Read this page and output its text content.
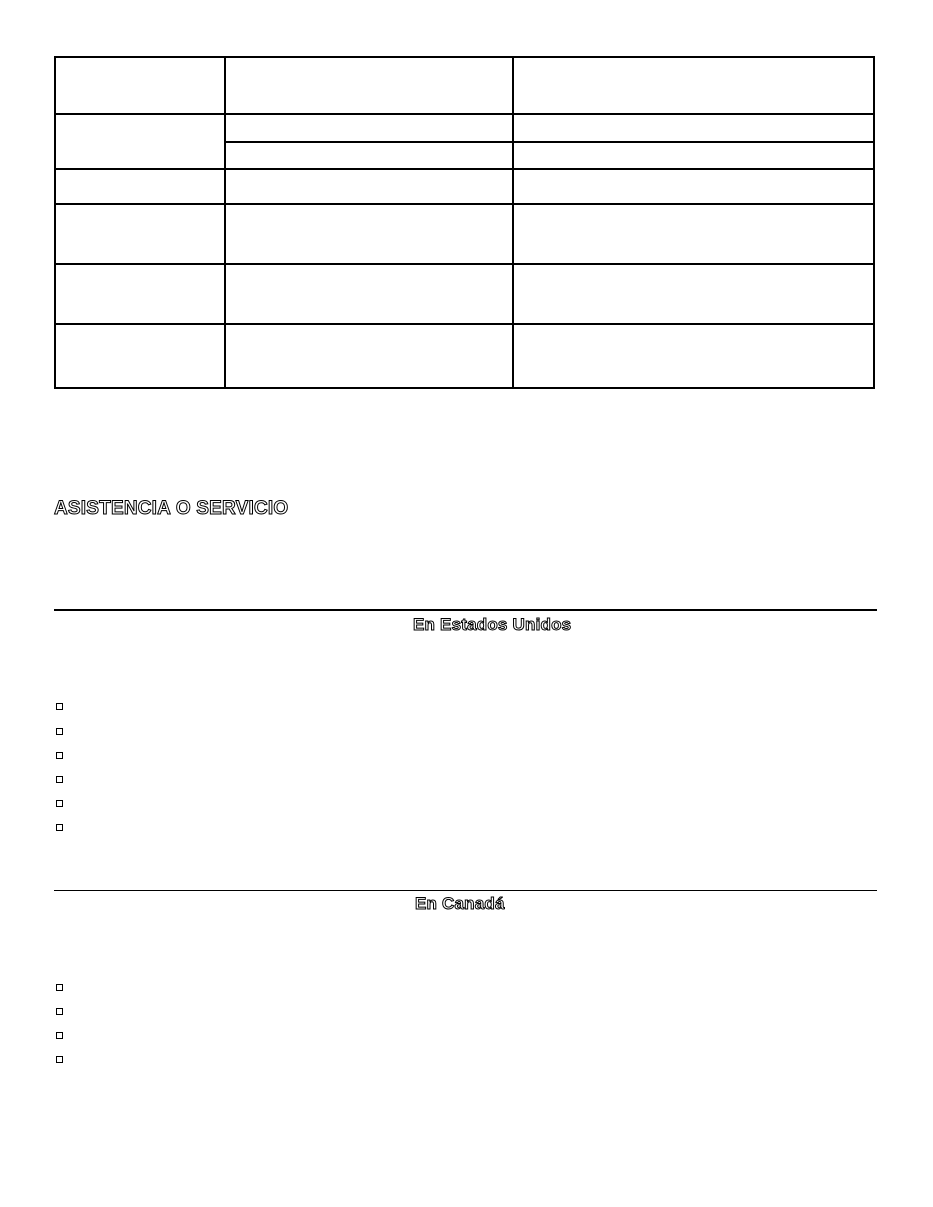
ASISTENCIA O SERVICIO
En Estados Unidos
En Canadá
